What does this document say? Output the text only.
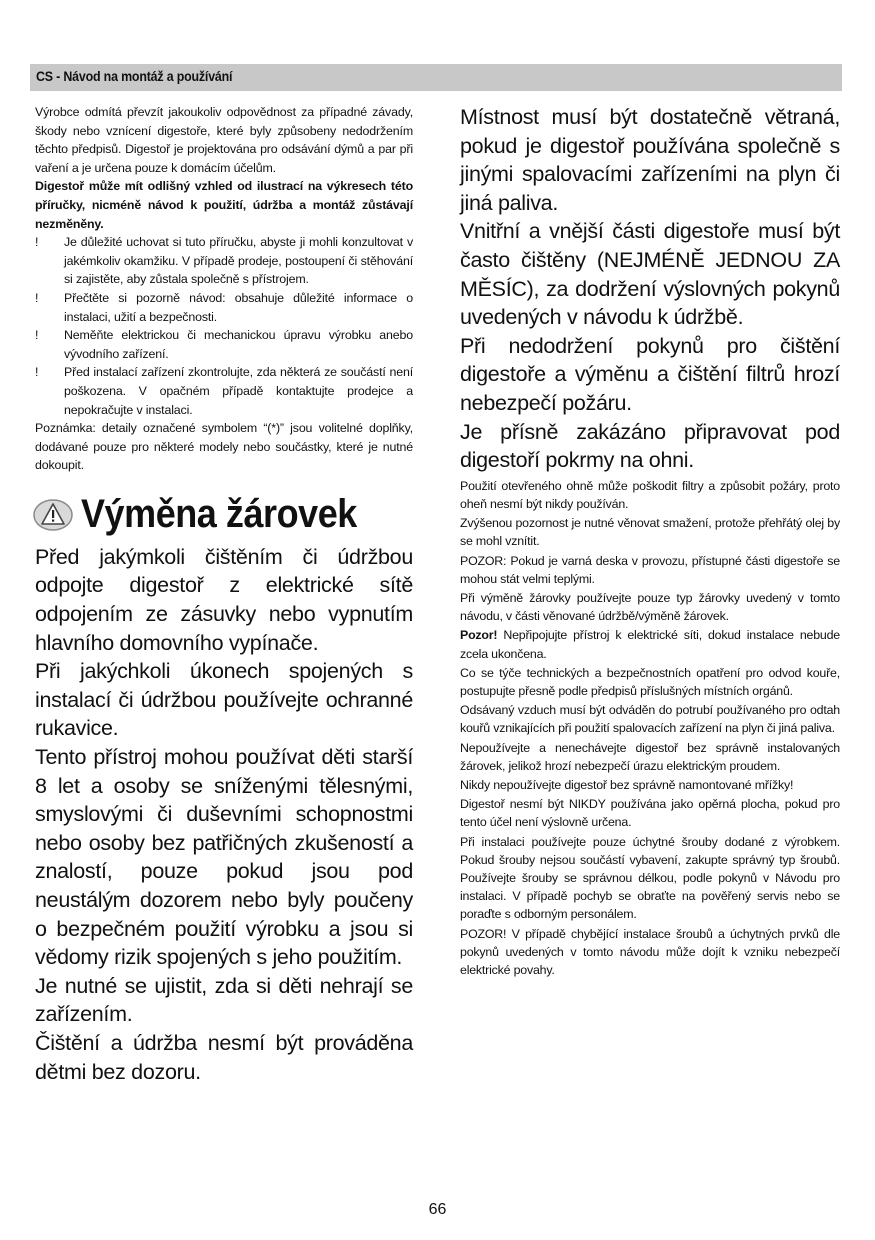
CS - Návod na montáž a používání
Výrobce odmítá převzít jakoukoliv odpovědnost za případné závady, škody nebo vznícení digestoře, které byly způsobeny nedodržením těchto předpisů. Digestoř je projektována pro odsávání dýmů a par při vaření a je určena pouze k domácím účelům.
Digestoř může mít odlišný vzhled od ilustrací na výkresech této příručky, nicméně návod k použití, údržba a montáž zůstávají nezměněny.
!	Je důležité uchovat si tuto příručku, abyste ji mohli konzultovat v jakémkoliv okamžiku. V případě prodeje, postoupení či stěhování si zajistěte, aby zůstala společně s přístrojem.
!	Přečtěte si pozorně návod: obsahuje důležité informace o instalaci, užití a bezpečnosti.
!	Neměňte elektrickou či mechanickou úpravu výrobku anebo vývodního zařízení.
!	Před instalací zařízení zkontrolujte, zda některá ze součástí není poškozena. V opačném případě kontaktujte prodejce a nepokračujte v instalaci.
Poznámka: detaily označené symbolem “(*)” jsou volitelné doplňky, dodávané pouze pro některé modely nebo součástky, které je nutné dokoupit.
Výměna žárovek

Před jakýmkoli čištěním či údržbou odpojte digestoř z elektrické sítě odpojením ze zásuvky nebo vypnutím hlavního domovního vypínače.

Při jakýchkoli úkonech spojených s instalací či údržbou používejte ochranné rukavice.

Tento přístroj mohou používat děti starší 8 let a osoby se sníženými tělesnými, smyslovými či duševními schopnostmi nebo osoby bez patřičných zkušeností a znalostí, pouze pokud jsou pod neustálým dozorem nebo byly poučeny o bezpečném použití výrobku a jsou si vědomy rizik spojených s jeho použitím.

Je nutné se ujistit, zda si děti nehrají se zařízením.

Čištění a údržba nesmí být prováděna dětmi bez dozoru.

Místnost musí být dostatečně větraná, pokud je digestoř používána společně s jinými spalovacími zařízeními na plyn či jiná paliva.

Vnitřní a vnější části digestoře musí být často čištěny (NEJMÉNĚ JEDNOU ZA MĚSÍC), za dodržení výslovných pokynů uvedených v návodu k údržbě.

Při nedodržení pokynů pro čištění digestoře a výměnu a čištění filtrů hrozí nebezpečí požáru.

Je přísně zakázáno připravovat pod digestoří pokrmy na ohni.

Použití otevřeného ohně může poškodit filtry a způsobit požáry, proto oheň nesmí být nikdy používán.

Zvýšenou pozornost je nutné věnovat smažení, protože přehřátý olej by se mohl vznítit.

POZOR: Pokud je varná deska v provozu, přístupné části digestoře se mohou stát velmi teplými.

Při výměně žárovky používejte pouze typ žárovky uvedený v tomto návodu, v části věnované údržbě/výměně žárovek.

Pozor! Nepřipojujte přístroj k elektrické síti, dokud instalace nebude zcela ukončena.

Co se týče technických a bezpečnostních opatření pro odvod kouře, postupujte přesně podle předpisů příslušných místních orgánů.

Odsávaný vzduch musí být odváděn do potrubí používaného pro odtah kouřů vznikajících při použití spalovacích zařízení na plyn či jiná paliva.

Nepoužívejte a nenechávejte digestoř bez správně instalovaných žárovek, jelikož hrozí nebezpečí úrazu elektrickým proudem.

Nikdy nepoužívejte digestoř bez správně namontované mřížky!

Digestoř nesmí být NIKDY používána jako opěrná plocha, pokud pro tento účel není výslovně určena.

Při instalaci používejte pouze úchytné šrouby dodané z výrobkem. Pokud šrouby nejsou součástí vybavení, zakupte správný typ šroubů. Používejte šrouby se správnou délkou, podle pokynů v Návodu pro instalaci. V případě pochyb se obraťte na pověřený servis nebo se poraďte s odborným personálem.

POZOR! V případě chybějící instalace šroubů a úchytných prvků dle pokynů uvedených v tomto návodu může dojít k vzniku nebezpečí elektrické povahy.

66
